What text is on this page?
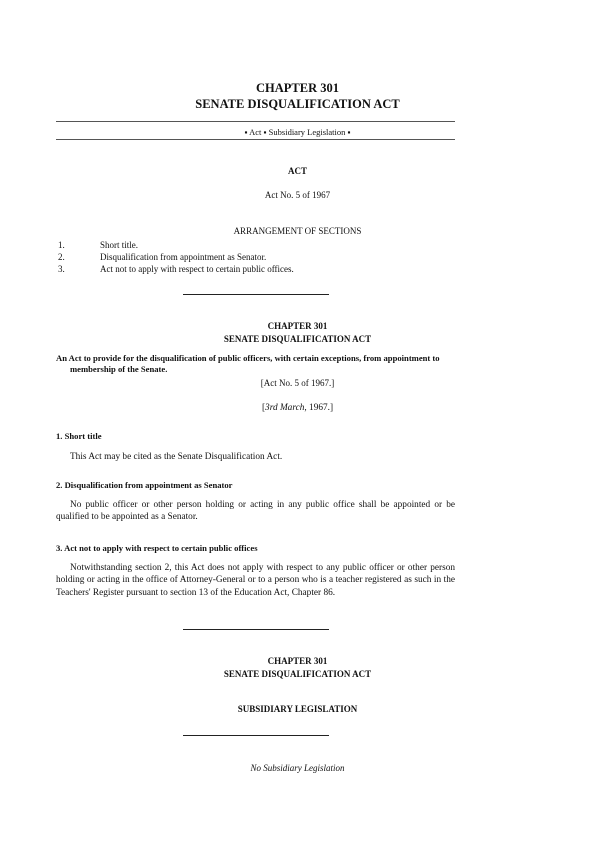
CHAPTER 301
SENATE DISQUALIFICATION ACT
▪ Act ▪ Subsidiary Legislation ▪
ACT
Act No. 5 of 1967
ARRANGEMENT OF SECTIONS
1.	Short title.
2.	Disqualification from appointment as Senator.
3.	Act not to apply with respect to certain public offices.
CHAPTER 301
SENATE DISQUALIFICATION ACT
An Act to provide for the disqualification of public officers, with certain exceptions, from appointment to membership of the Senate.
[Act No. 5 of 1967.]
[3rd March, 1967.]
1. Short title
This Act may be cited as the Senate Disqualification Act.
2. Disqualification from appointment as Senator
No public officer or other person holding or acting in any public office shall be appointed or be qualified to be appointed as a Senator.
3. Act not to apply with respect to certain public offices
Notwithstanding section 2, this Act does not apply with respect to any public officer or other person holding or acting in the office of Attorney-General or to a person who is a teacher registered as such in the Teachers' Register pursuant to section 13 of the Education Act, Chapter 86.
CHAPTER 301
SENATE DISQUALIFICATION ACT
SUBSIDIARY LEGISLATION
No Subsidiary Legislation
